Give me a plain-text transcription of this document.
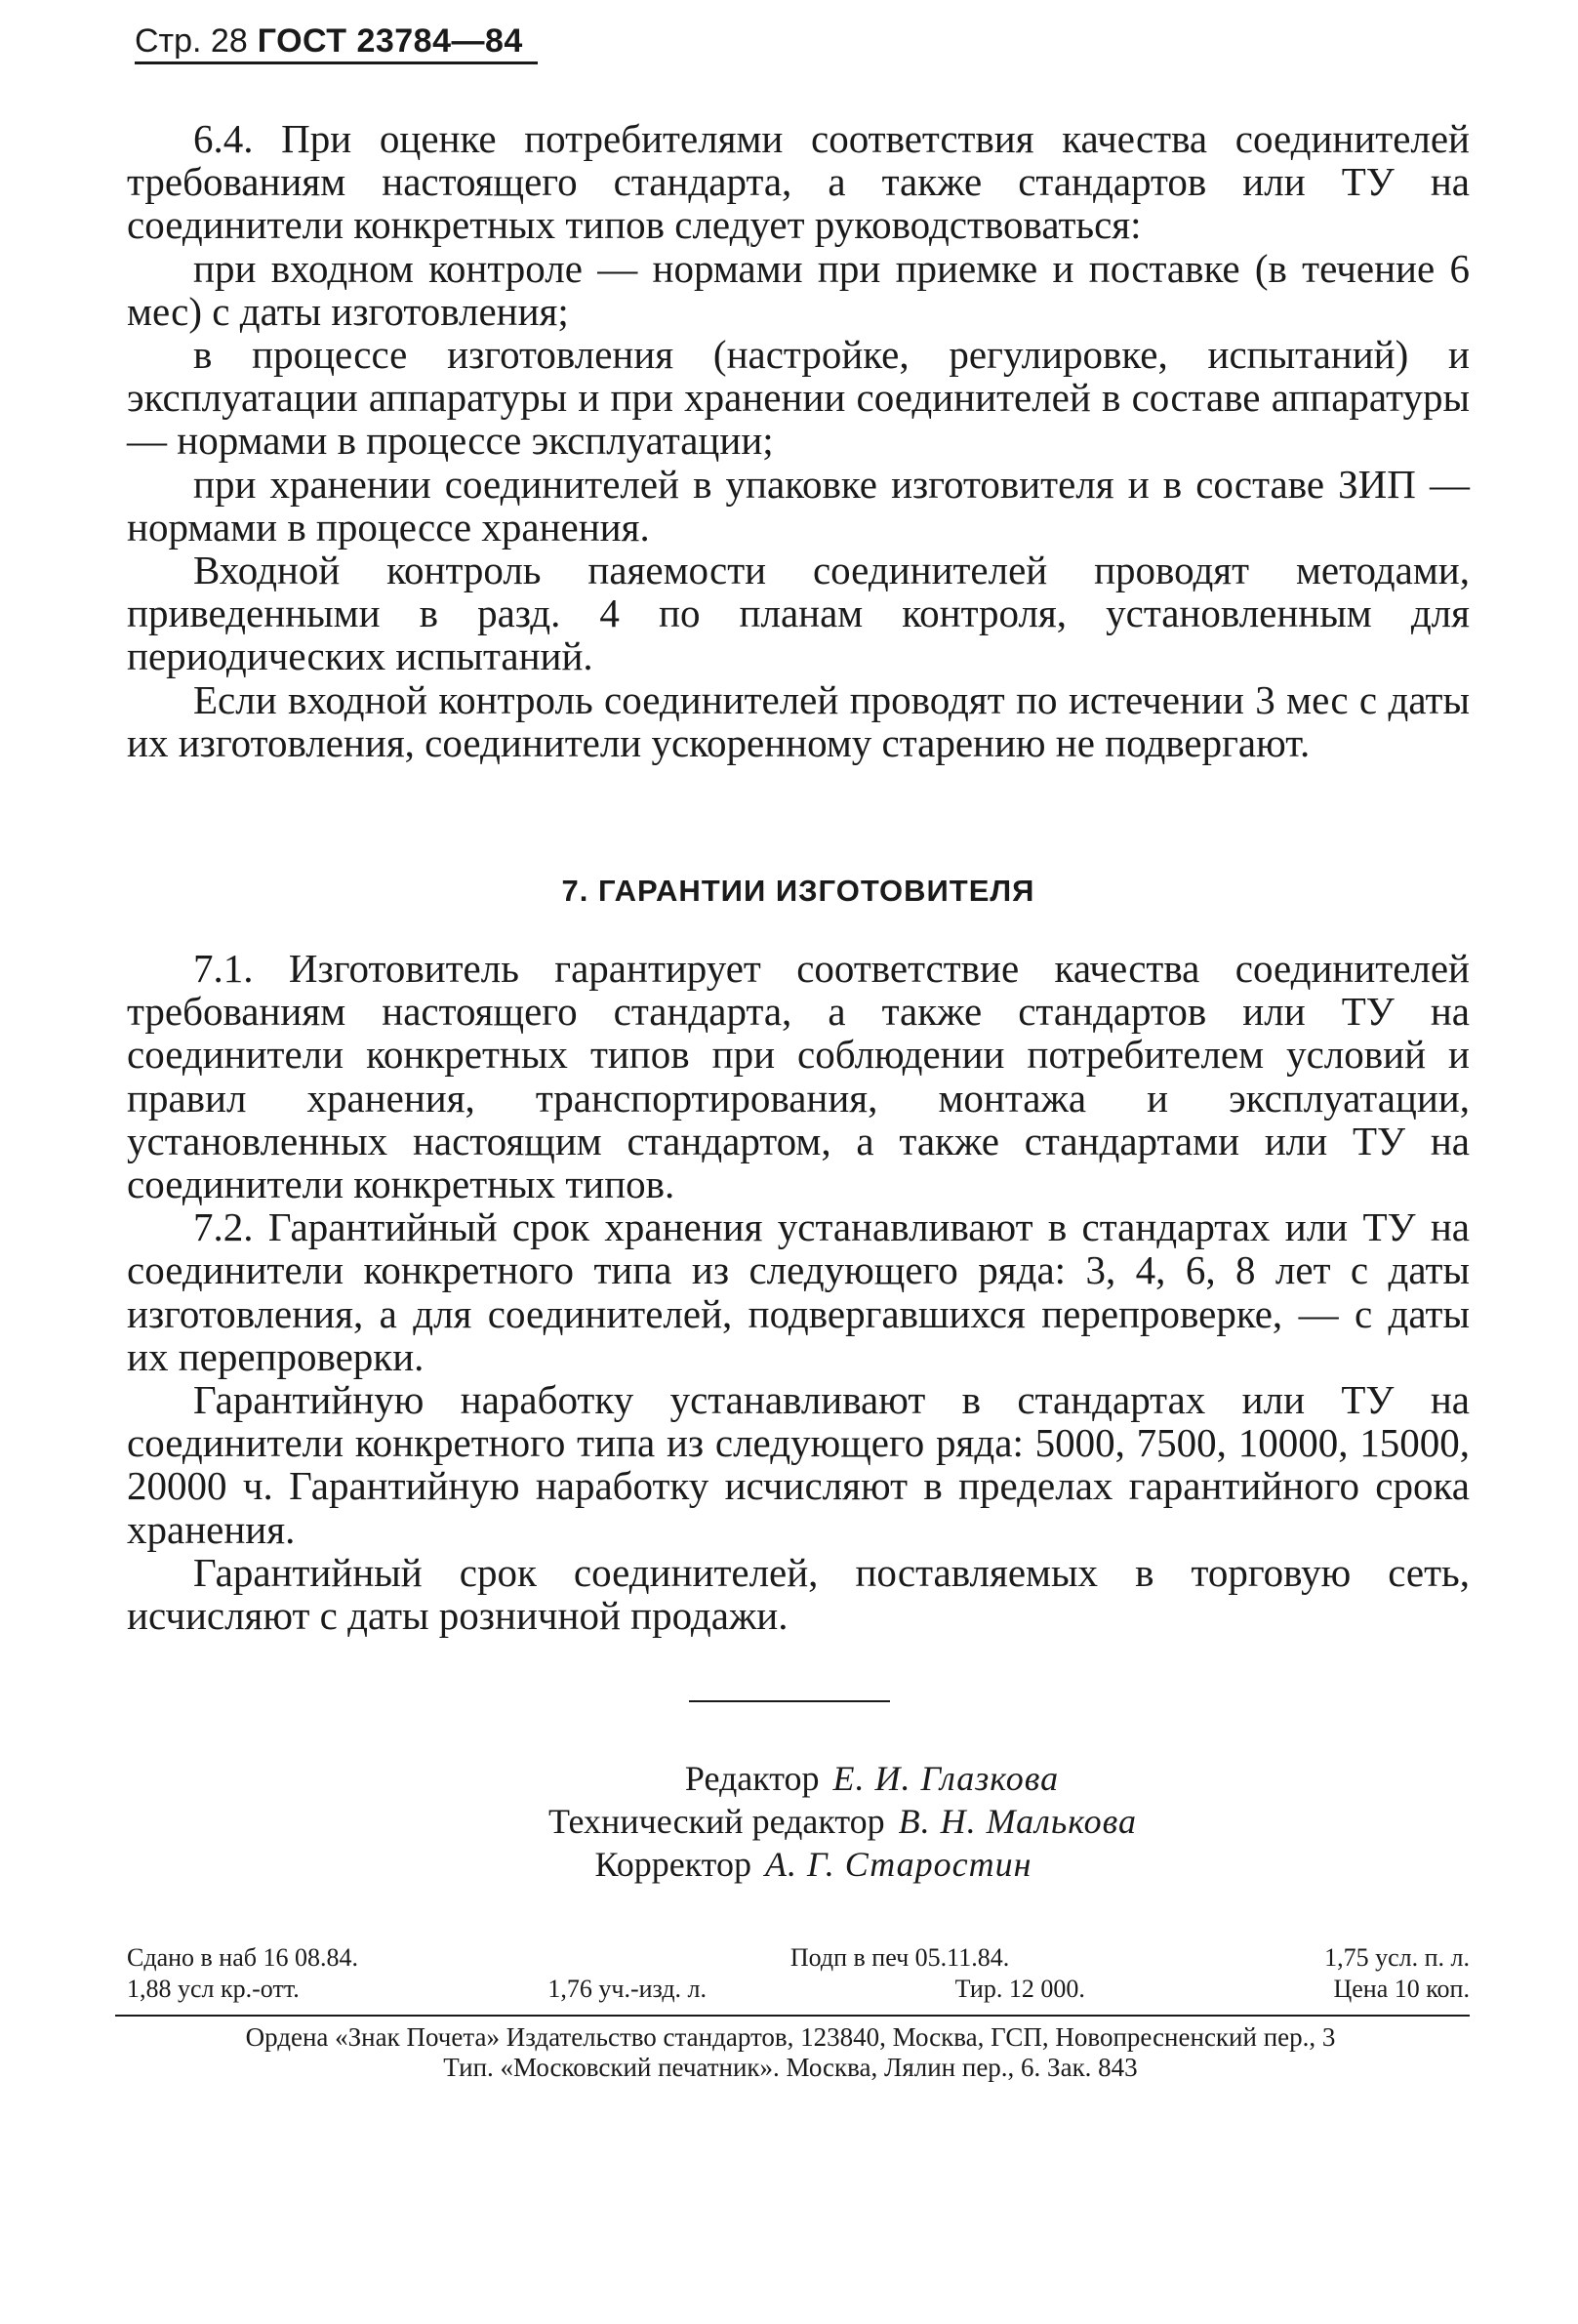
Стр. 28 ГОСТ 23784—84

6.4. При оценке потребителями соответствия качества соединителей требованиям настоящего стандарта, а также стандартов или ТУ на соединители конкретных типов следует руководствоваться:

при входном контроле — нормами при приемке и поставке (в течение 6 мес) с даты изготовления;

в процессе изготовления (настройке, регулировке, испытаний) и эксплуатации аппаратуры и при хранении соединителей в составе аппаратуры — нормами в процессе эксплуатации;

при хранении соединителей в упаковке изготовителя и в составе ЗИП — нормами в процессе хранения.

Входной контроль паяемости соединителей проводят методами, приведенными в разд. 4 по планам контроля, установленным для периодических испытаний.

Если входной контроль соединителей проводят по истечении 3 мес с даты их изготовления, соединители ускоренному старению не подвергают.

7. ГАРАНТИИ ИЗГОТОВИТЕЛЯ

7.1. Изготовитель гарантирует соответствие качества соединителей требованиям настоящего стандарта, а также стандартов или ТУ на соединители конкретных типов при соблюдении потребителем условий и правил хранения, транспортирования, монтажа и эксплуатации, установленных настоящим стандартом, а также стандартами или ТУ на соединители конкретных типов.

7.2. Гарантийный срок хранения устанавливают в стандартах или ТУ на соединители конкретного типа из следующего ряда: 3, 4, 6, 8 лет с даты изготовления, а для соединителей, подвергавшихся перепроверке, — с даты их перепроверки.

Гарантийную наработку устанавливают в стандартах или ТУ на соединители конкретного типа из следующего ряда: 5000, 7500, 10000, 15000, 20000 ч. Гарантийную наработку исчисляют в пределах гарантийного срока хранения.

Гарантийный срок соединителей, поставляемых в торговую сеть, исчисляют с даты розничной продажи.

Редактор Е. И. Глазкова
Технический редактор В. Н. Малькова
Корректор А. Г. Старостин
Сдано в наб 16 08.84.	Подп в печ 05.11.84.	1,75 усл. п. л.
1,88 усл кр.-отт.	1,76 уч.-изд. л.	Тир. 12 000.	Цена 10 коп.
Ордена «Знак Почета» Издательство стандартов, 123840, Москва, ГСП, Новопресненский пер., 3
Тип. «Московский печатник». Москва, Лялин пер., 6. Зак. 843
